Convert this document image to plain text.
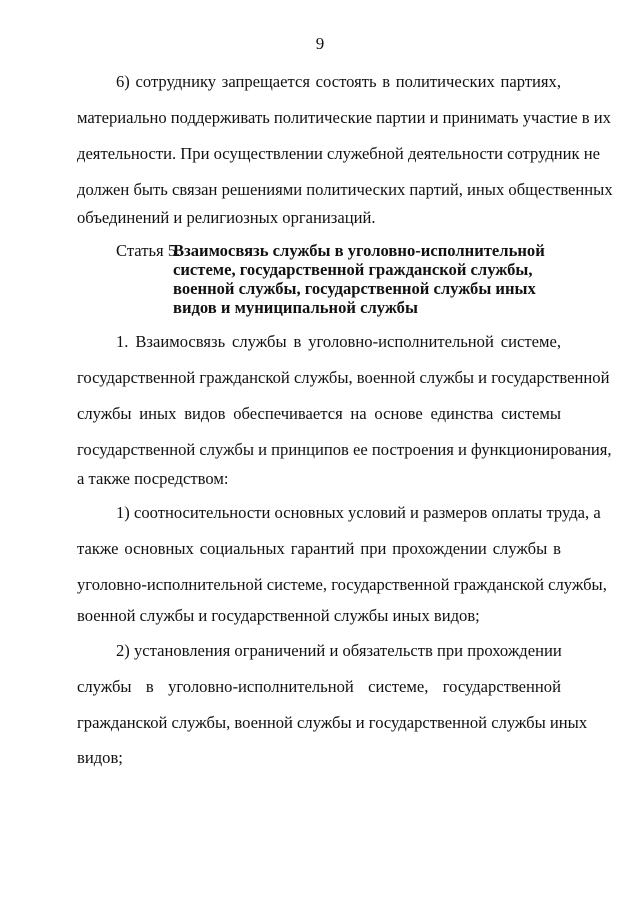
9
6) сотруднику запрещается состоять в политических партиях,
материально поддерживать политические партии и принимать участие в их
деятельности. При осуществлении служебной деятельности сотрудник не
должен быть связан решениями политических партий, иных общественных
объединений и религиозных организаций.
Статья 5.
Взаимосвязь службы в уголовно-исполнительной
системе, государственной гражданской службы,
военной службы, государственной службы иных
видов и муниципальной службы
1. Взаимосвязь службы в уголовно-исполнительной системе,
государственной гражданской службы, военной службы и государственной
службы иных видов обеспечивается на основе единства системы
государственной службы и принципов ее построения и функционирования,
а также посредством:
1) соотносительности основных условий и размеров оплаты труда, а
также основных социальных гарантий при прохождении службы в
уголовно-исполнительной системе, государственной гражданской службы,
военной службы и государственной службы иных видов;
2) установления ограничений и обязательств при прохождении
службы в уголовно-исполнительной системе, государственной
гражданской службы, военной службы и государственной службы иных
видов;
